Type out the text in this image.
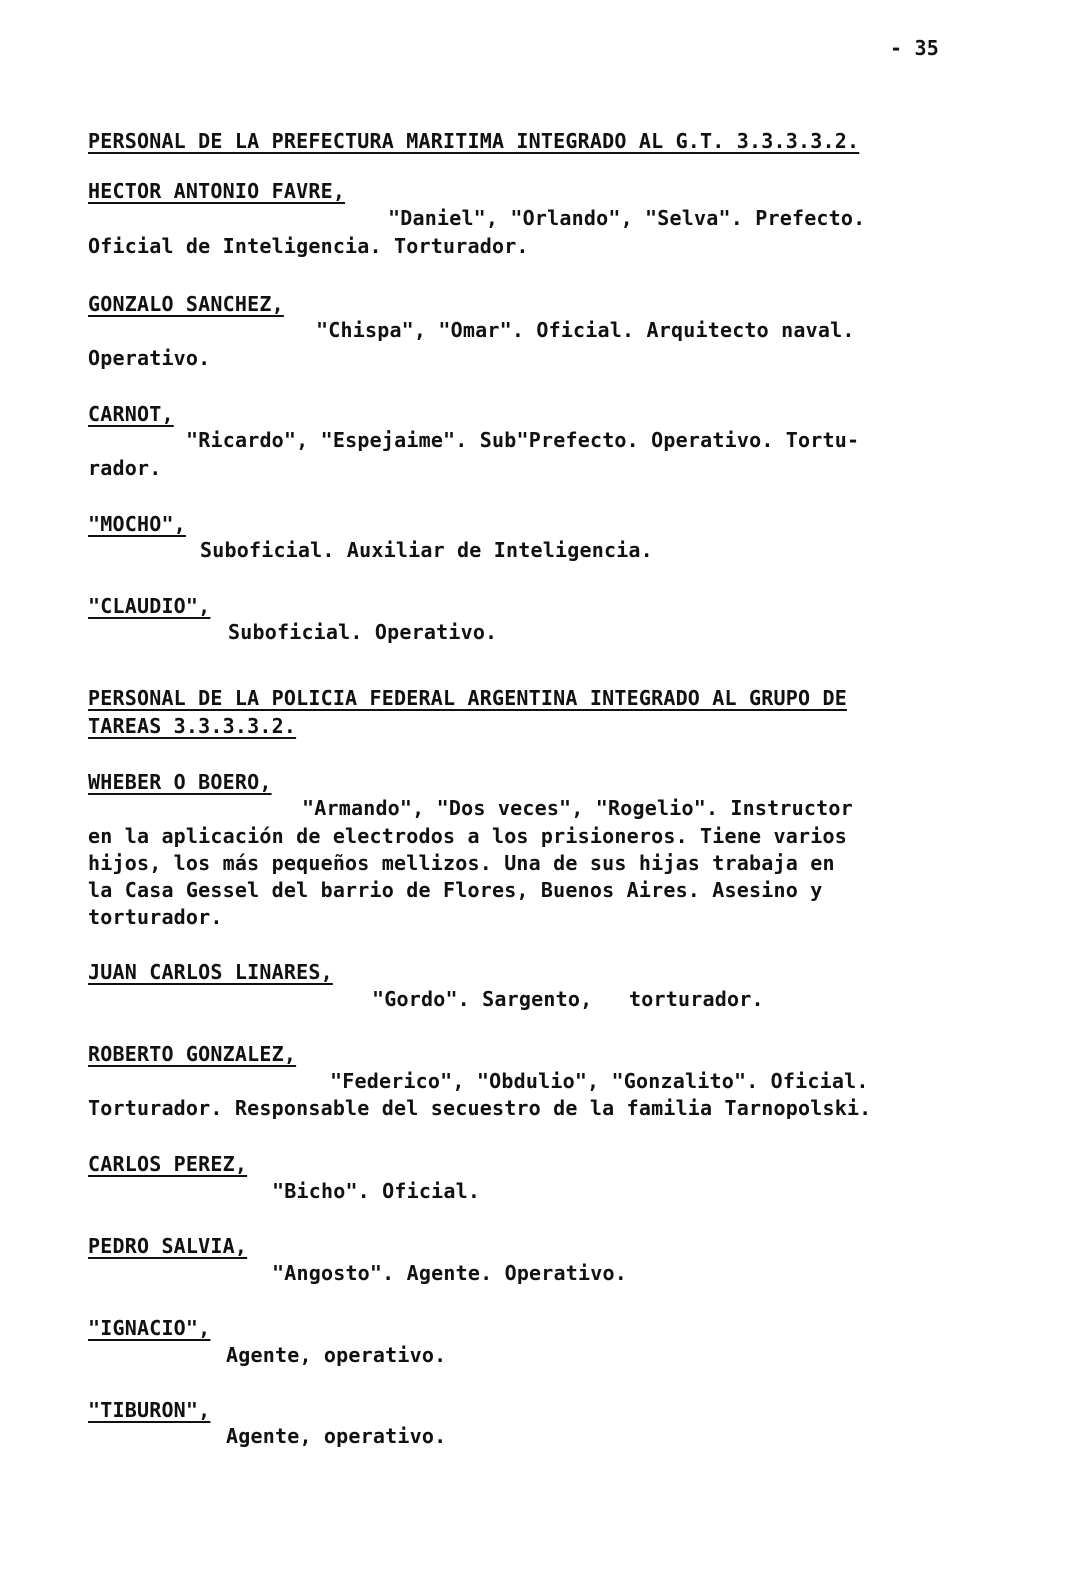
- 35
PERSONAL DE LA PREFECTURA MARITIMA INTEGRADO AL G.T. 3.3.3.3.2.
HECTOR ANTONIO FAVRE,
"Daniel", "Orlando", "Selva". Prefecto.
Oficial de Inteligencia. Torturador.
GONZALO SANCHEZ,
"Chispa", "Omar". Oficial. Arquitecto naval.
Operativo.
CARNOT,
"Ricardo", "Espejaime". Sub"Prefecto. Operativo. Tortu-
rador.
"MOCHO",
Suboficial. Auxiliar de Inteligencia.
"CLAUDIO",
Suboficial. Operativo.
PERSONAL DE LA POLICIA FEDERAL ARGENTINA INTEGRADO AL GRUPO DE
TAREAS 3.3.3.3.2.
WHEBER O BOERO,
"Armando", "Dos veces", "Rogelio". Instructor
en la aplicación de electrodos a los prisioneros. Tiene varios
hijos, los más pequeños mellizos. Una de sus hijas trabaja en
la Casa Gessel del barrio de Flores, Buenos Aires. Asesino y
torturador.
JUAN CARLOS LINARES,
"Gordo". Sargento,   torturador.
ROBERTO GONZALEZ,
"Federico", "Obdulio", "Gonzalito". Oficial.
Torturador. Responsable del secuestro de la familia Tarnopolski.
CARLOS PEREZ,
"Bicho". Oficial.
PEDRO SALVIA,
"Angosto". Agente. Operativo.
"IGNACIO",
Agente, operativo.
"TIBURON",
Agente, operativo.
